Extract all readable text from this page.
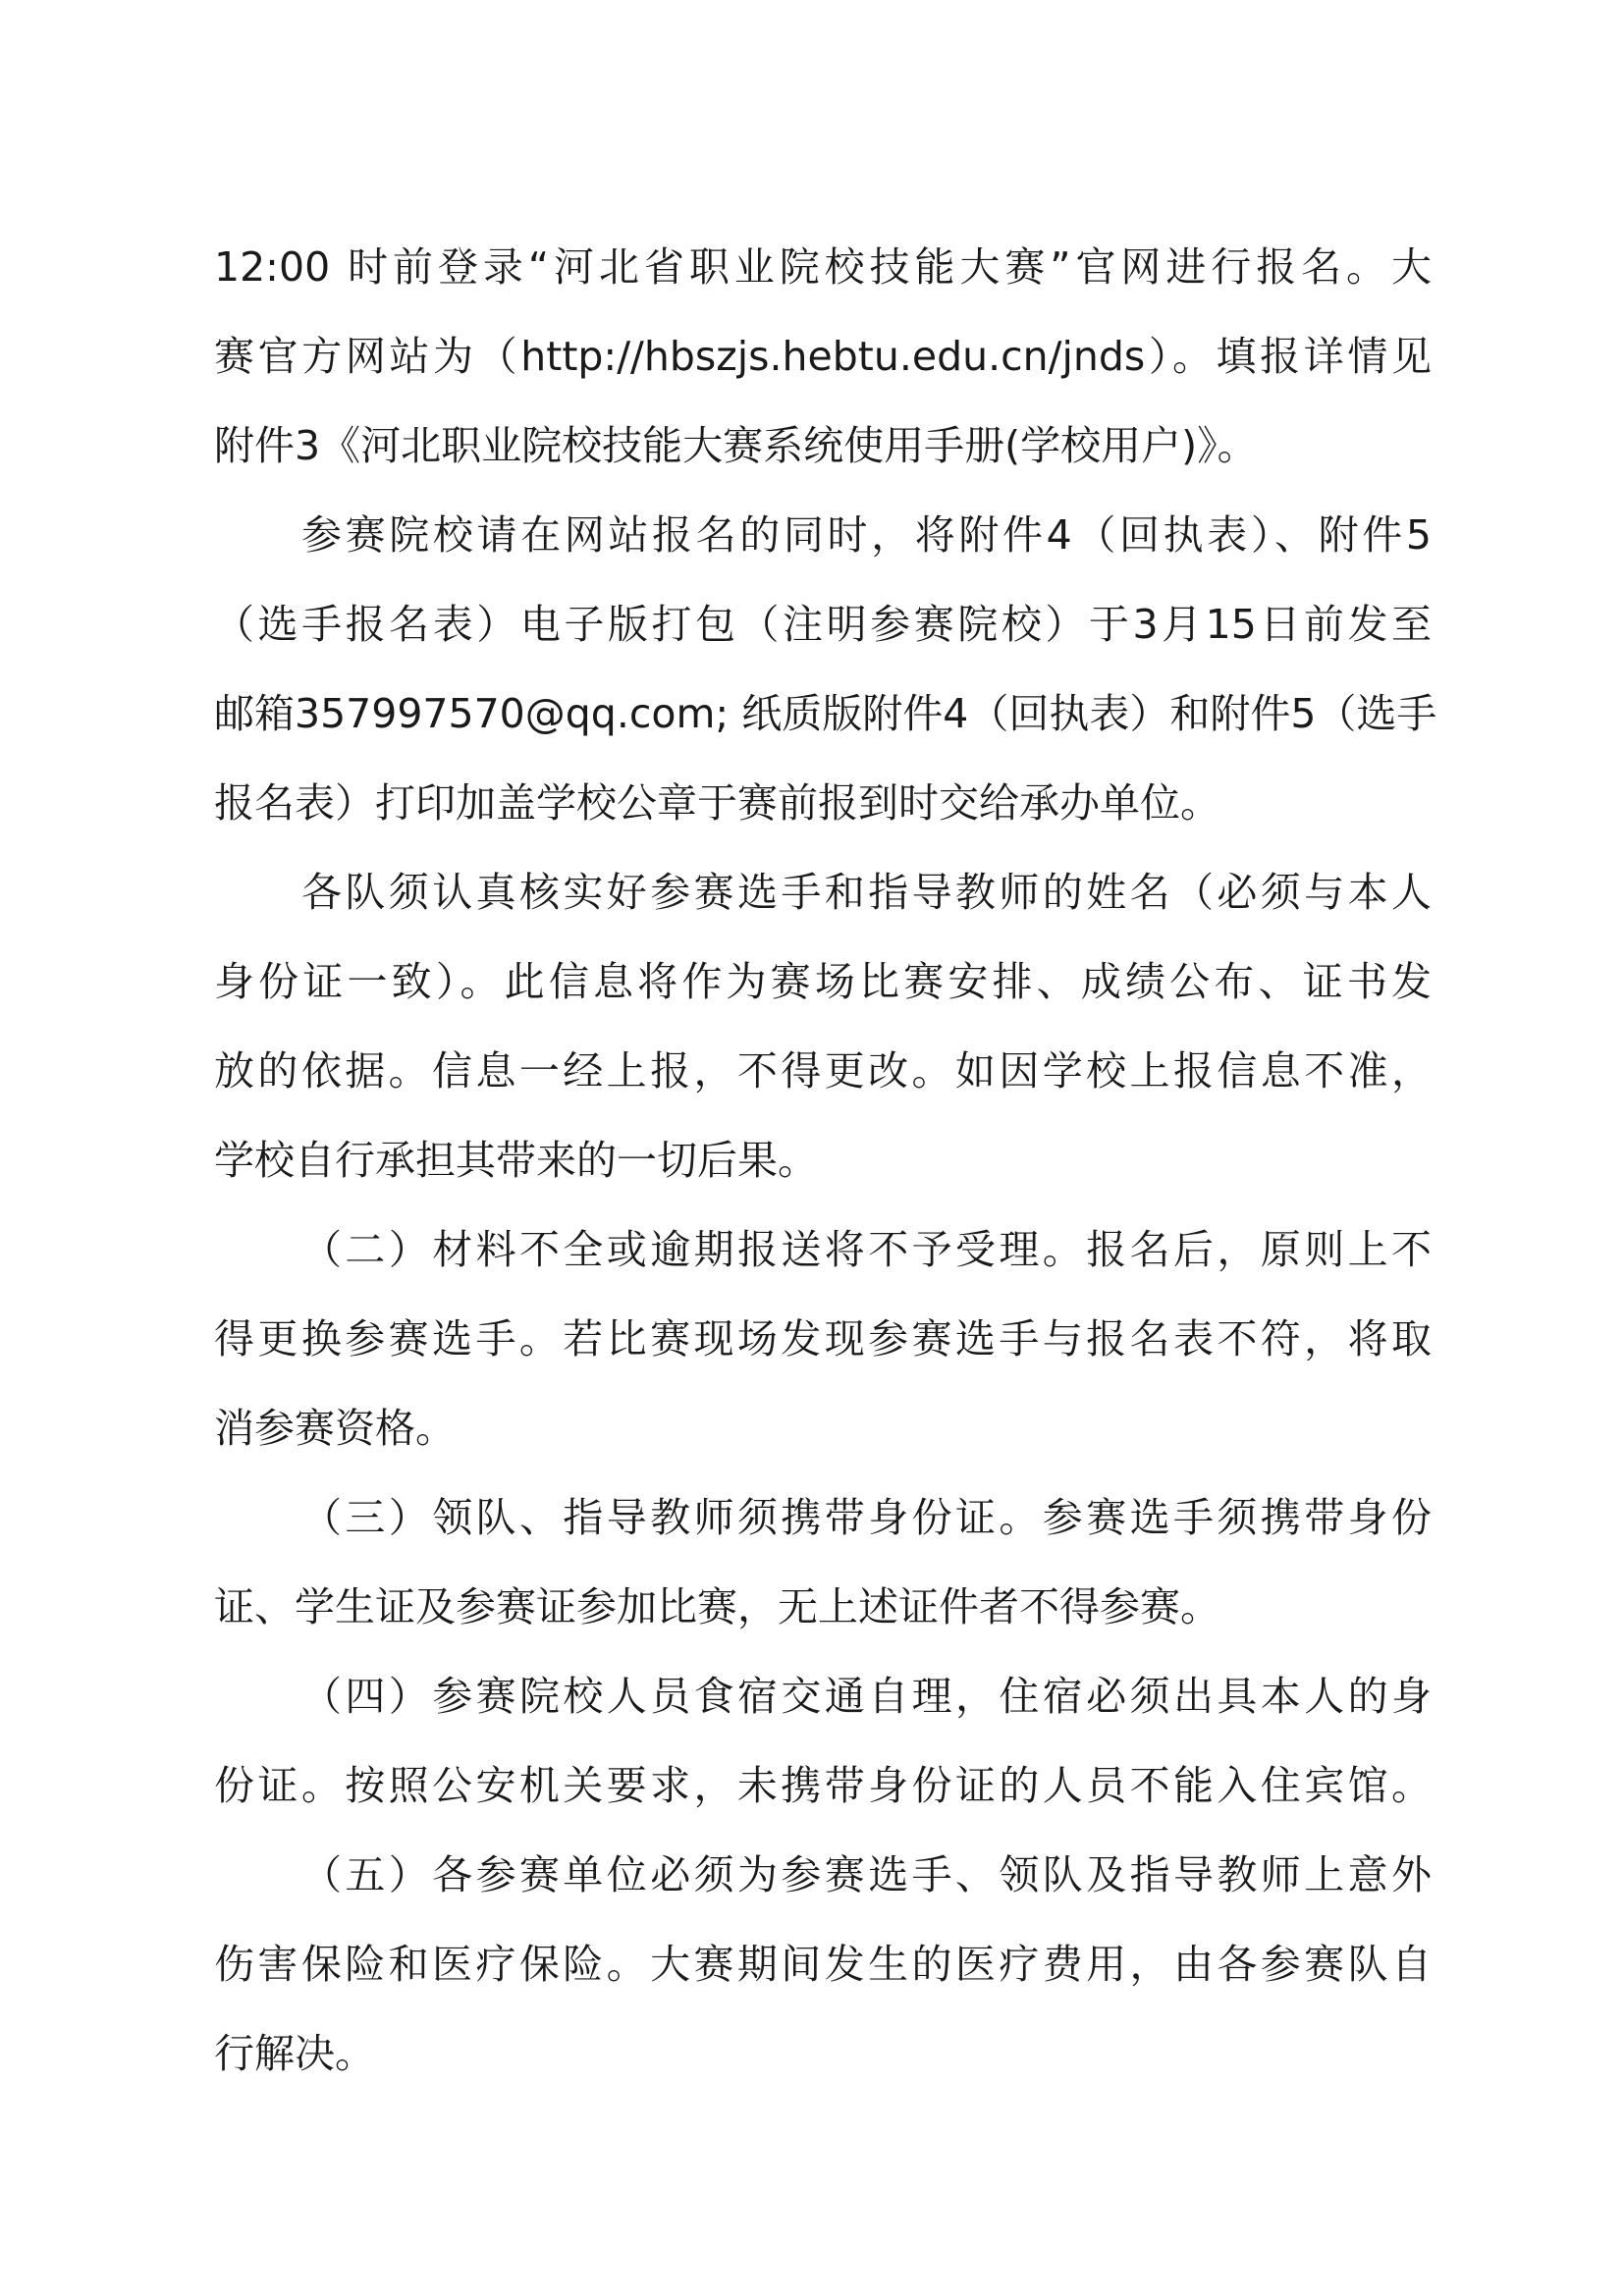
12:00 时前登录“河北省职业院校技能大赛”官网进行报名。大
赛官方网站为（http://hbszjs.hebtu.edu.cn/jnds）。填报详情见
附件3《河北职业院校技能大赛系统使用手册(学校用户)》。
参赛院校请在网站报名的同时，将附件4（回执表）、附件5
（选手报名表）电子版打包（注明参赛院校）于3月15日前发至
邮箱357997570@qq.com; 纸质版附件4（回执表）和附件5（选手
报名表）打印加盖学校公章于赛前报到时交给承办单位。
各队须认真核实好参赛选手和指导教师的姓名（必须与本人
身份证一致）。此信息将作为赛场比赛安排、成绩公布、证书发
放的依据。信息一经上报，不得更改。如因学校上报信息不准，
学校自行承担其带来的一切后果。
（二）材料不全或逾期报送将不予受理。报名后，原则上不
得更换参赛选手。若比赛现场发现参赛选手与报名表不符，将取
消参赛资格。
（三）领队、指导教师须携带身份证。参赛选手须携带身份
证、学生证及参赛证参加比赛，无上述证件者不得参赛。
（四）参赛院校人员食宿交通自理，住宿必须出具本人的身
份证。按照公安机关要求，未携带身份证的人员不能入住宾馆。
（五）各参赛单位必须为参赛选手、领队及指导教师上意外
伤害保险和医疗保险。大赛期间发生的医疗费用，由各参赛队自
行解决。
